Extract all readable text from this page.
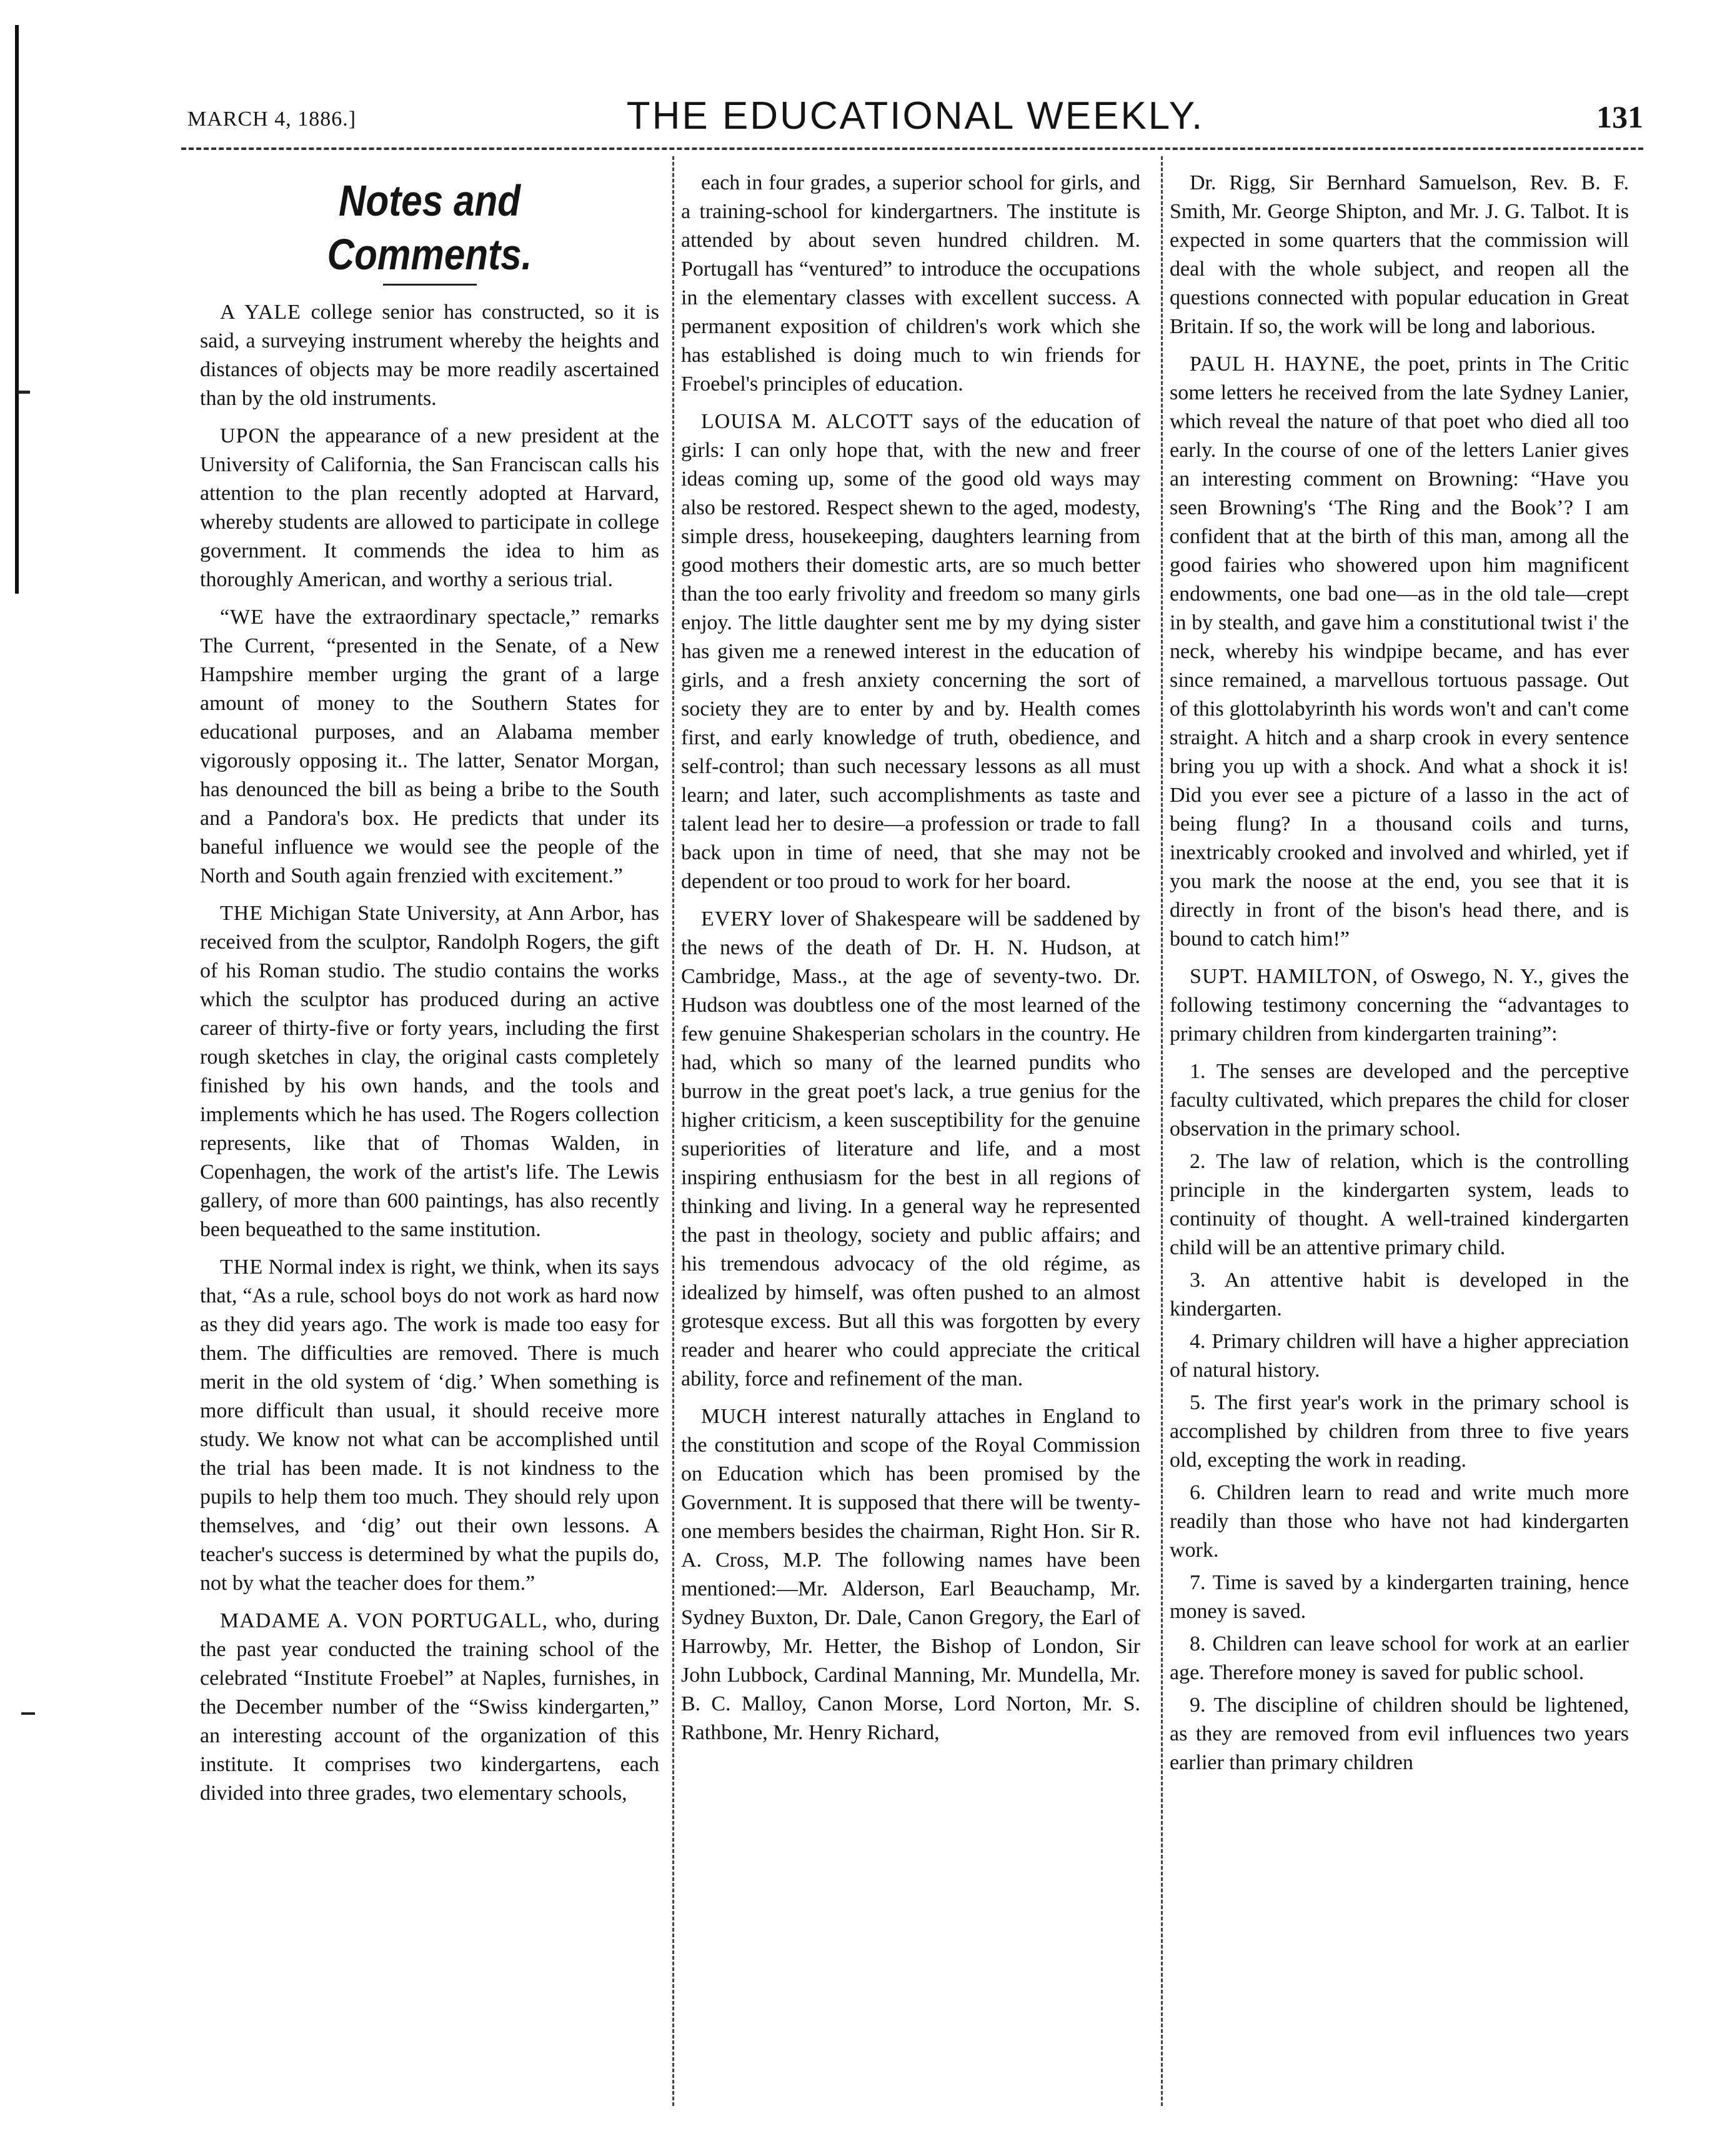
MARCH 4, 1886.]	THE EDUCATIONAL WEEKLY.	131
Notes and Comments.

A YALE college senior has constructed, so it is said, a surveying instrument whereby the heights and distances of objects may be more readily ascertained than by the old instruments.

UPON the appearance of a new president at the University of California, the San Franciscan calls his attention to the plan recently adopted at Harvard, whereby students are allowed to participate in college government. It commends the idea to him as thoroughly American, and worthy a serious trial.

“WE have the extraordinary spectacle,” remarks The Current, “presented in the Senate, of a New Hampshire member urging the grant of a large amount of money to the Southern States for educational purposes, and an Alabama member vigorously opposing it.. The latter, Senator Morgan, has denounced the bill as being a bribe to the South and a Pandora's box. He predicts that under its baneful influence we would see the people of the North and South again frenzied with excitement.”

THE Michigan State University, at Ann Arbor, has received from the sculptor, Randolph Rogers, the gift of his Roman studio. The studio contains the works which the sculptor has produced during an active career of thirty-five or forty years, including the first rough sketches in clay, the original casts completely finished by his own hands, and the tools and implements which he has used. The Rogers collection represents, like that of Thomas Walden, in Copenhagen, the work of the artist's life. The Lewis gallery, of more than 600 paintings, has also recently been bequeathed to the same institution.

THE Normal index is right, we think, when its says that, “As a rule, school boys do not work as hard now as they did years ago. The work is made too easy for them. The difficulties are removed. There is much merit in the old system of ‘dig.’ When something is more difficult than usual, it should receive more study. We know not what can be accomplished until the trial has been made. It is not kindness to the pupils to help them too much. They should rely upon themselves, and ‘dig’ out their own lessons. A teacher's success is determined by what the pupils do, not by what the teacher does for them.”

MADAME A. VON PORTUGALL, who, during the past year conducted the training school of the celebrated “Institute Froebel” at Naples, furnishes, in the December number of the “Swiss kindergarten,” an interesting account of the organization of this institute. It comprises two kindergartens, each divided into three grades, two elementary schools,

each in four grades, a superior school for girls, and a training-school for kindergartners. The institute is attended by about seven hundred children. M. Portugall has “ventured” to introduce the occupations in the elementary classes with excellent success. A permanent exposition of children's work which she has established is doing much to win friends for Froebel's principles of education.

LOUISA M. ALCOTT says of the education of girls: I can only hope that, with the new and freer ideas coming up, some of the good old ways may also be restored. Respect shewn to the aged, modesty, simple dress, housekeeping, daughters learning from good mothers their domestic arts, are so much better than the too early frivolity and freedom so many girls enjoy. The little daughter sent me by my dying sister has given me a renewed interest in the education of girls, and a fresh anxiety concerning the sort of society they are to enter by and by. Health comes first, and early knowledge of truth, obedience, and self-control; than such necessary lessons as all must learn; and later, such accomplishments as taste and talent lead her to desire—a profession or trade to fall back upon in time of need, that she may not be dependent or too proud to work for her board.

EVERY lover of Shakespeare will be saddened by the news of the death of Dr. H. N. Hudson, at Cambridge, Mass., at the age of seventy-two. Dr. Hudson was doubtless one of the most learned of the few genuine Shakesperian scholars in the country. He had, which so many of the learned pundits who burrow in the great poet's lack, a true genius for the higher criticism, a keen susceptibility for the genuine superiorities of literature and life, and a most inspiring enthusiasm for the best in all regions of thinking and living. In a general way he represented the past in theology, society and public affairs; and his tremendous advocacy of the old régime, as idealized by himself, was often pushed to an almost grotesque excess. But all this was forgotten by every reader and hearer who could appreciate the critical ability, force and refinement of the man.

MUCH interest naturally attaches in England to the constitution and scope of the Royal Commission on Education which has been promised by the Government. It is supposed that there will be twenty-one members besides the chairman, Right Hon. Sir R. A. Cross, M.P. The following names have been mentioned:—Mr. Alderson, Earl Beauchamp, Mr. Sydney Buxton, Dr. Dale, Canon Gregory, the Earl of Harrowby, Mr. Hetter, the Bishop of London, Sir John Lubbock, Cardinal Manning, Mr. Mundella, Mr. B. C. Malloy, Canon Morse, Lord Norton, Mr. S. Rathbone, Mr. Henry Richard,

Dr. Rigg, Sir Bernhard Samuelson, Rev. B. F. Smith, Mr. George Shipton, and Mr. J. G. Talbot. It is expected in some quarters that the commission will deal with the whole subject, and reopen all the questions connected with popular education in Great Britain. If so, the work will be long and laborious.

PAUL H. HAYNE, the poet, prints in The Critic some letters he received from the late Sydney Lanier, which reveal the nature of that poet who died all too early. In the course of one of the letters Lanier gives an interesting comment on Browning: “Have you seen Browning's ‘The Ring and the Book’? I am confident that at the birth of this man, among all the good fairies who showered upon him magnificent endowments, one bad one—as in the old tale—crept in by stealth, and gave him a constitutional twist i' the neck, whereby his windpipe became, and has ever since remained, a marvellous tortuous passage. Out of this glottolabyrinth his words won't and can't come straight. A hitch and a sharp crook in every sentence bring you up with a shock. And what a shock it is! Did you ever see a picture of a lasso in the act of being flung? In a thousand coils and turns, inextricably crooked and involved and whirled, yet if you mark the noose at the end, you see that it is directly in front of the bison's head there, and is bound to catch him!”

SUPT. HAMILTON, of Oswego, N. Y., gives the following testimony concerning the “advantages to primary children from kindergarten training”:

1. The senses are developed and the perceptive faculty cultivated, which prepares the child for closer observation in the primary school.

2. The law of relation, which is the controlling principle in the kindergarten system, leads to continuity of thought. A well-trained kindergarten child will be an attentive primary child.

3. An attentive habit is developed in the kindergarten.

4. Primary children will have a higher appreciation of natural history.

5. The first year's work in the primary school is accomplished by children from three to five years old, excepting the work in reading.

6. Children learn to read and write much more readily than those who have not had kindergarten work.

7. Time is saved by a kindergarten training, hence money is saved.

8. Children can leave school for work at an earlier age. Therefore money is saved for public school.

9. The discipline of children should be lightened, as they are removed from evil influences two years earlier than primary children
